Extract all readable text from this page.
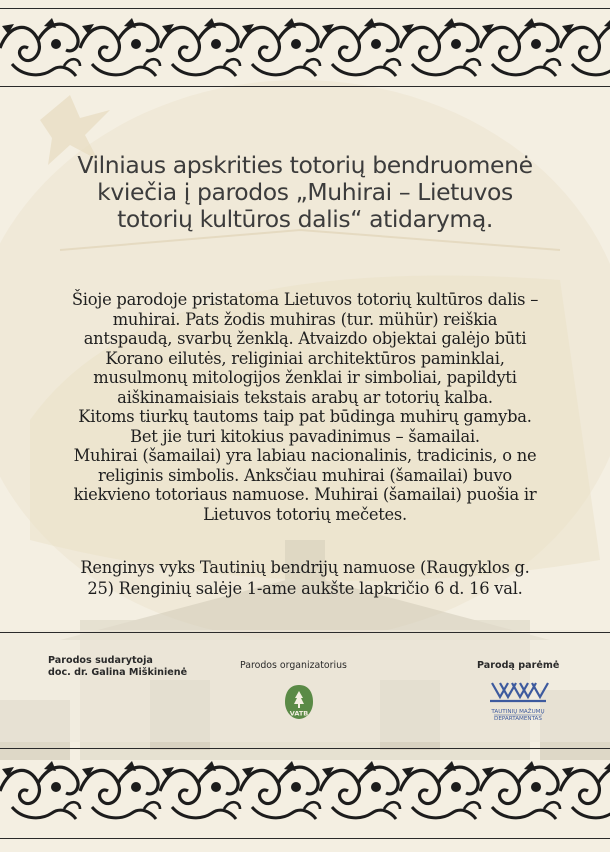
Vilniaus apskrities totorių bendruomenė
kviečia į parodos „Muhirai – Lietuvos
totorių kultūros dalis“ atidarymą.
Šioje parodoje pristatoma Lietuvos totorių kultūros dalis –
muhirai. Pats žodis muhiras (tur. mühür) reiškia
antspaudą, svarbų ženklą. Atvaizdo objektai galėjo būti
Korano eilutės, religiniai architektūros paminklai,
musulmonų mitologijos ženklai ir simboliai, papildyti
aiškinamaisiais tekstais arabų ar totorių kalba.
Kitoms tiurkų tautoms taip pat būdinga muhirų gamyba.
Bet jie turi kitokius pavadinimus – šamailai.
Muhirai (šamailai) yra labiau nacionalinis, tradicinis, o ne
religinis simbolis. Anksčiau muhirai (šamailai) buvo
kiekvieno totoriaus namuose. Muhirai (šamailai) puošia ir
Lietuvos totorių mečetes.
Renginys vyks Tautinių bendrijų namuose (Raugyklos g.
25) Renginių salėje 1-ame aukšte lapkričio 6 d. 16 val.
Parodos sudarytoja
doc. dr. Galina Miškinienė
Parodos organizatorius	Parodą parėmė
VATB	TAUTINIŲ MAŽUMŲ
DEPARTAMENTAS
